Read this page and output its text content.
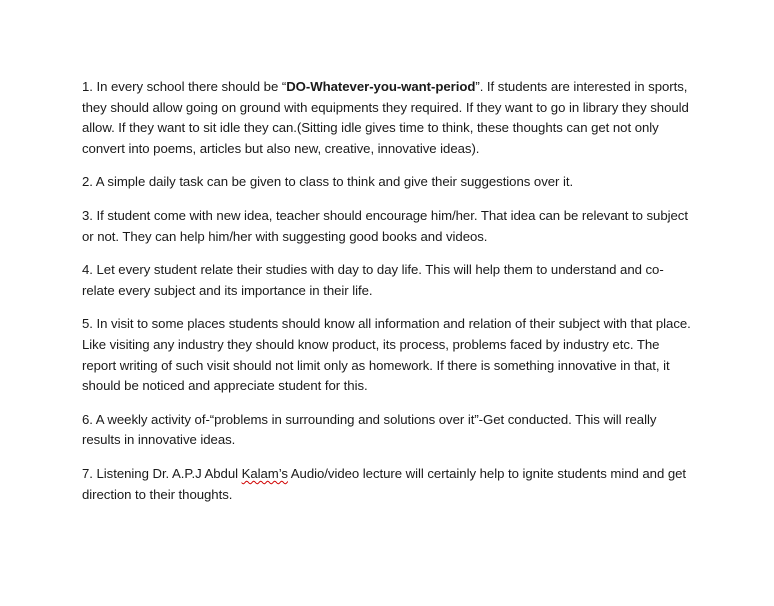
1. In every school there should be “DO-Whatever-you-want-period”. If students are interested in sports, they should allow going on ground with equipments they required. If they want to go in library they should allow. If they want to sit idle they can.(Sitting idle gives time to think, these thoughts can get not only convert into poems, articles but also new, creative, innovative ideas).

2. A simple daily task can be given to class to think and give their suggestions over it.

3. If student come with new idea, teacher should encourage him/her. That idea can be relevant to subject or not. They can help him/her with suggesting good books and videos.

4. Let every student relate their studies with day to day life. This will help them to understand and co-relate every subject and its importance in their life.

5. In visit to some places students should know all information and relation of their subject with that place. Like visiting any industry they should know product, its process, problems faced by industry etc. The report writing of such visit should not limit only as homework. If there is something innovative in that, it should be noticed and appreciate student for this.

6. A weekly activity of-“problems in surrounding and solutions over it”-Get conducted. This will really results in innovative ideas.

7. Listening Dr. A.P.J Abdul Kalam’s Audio/video lecture will certainly help to ignite students mind and get direction to their thoughts.
